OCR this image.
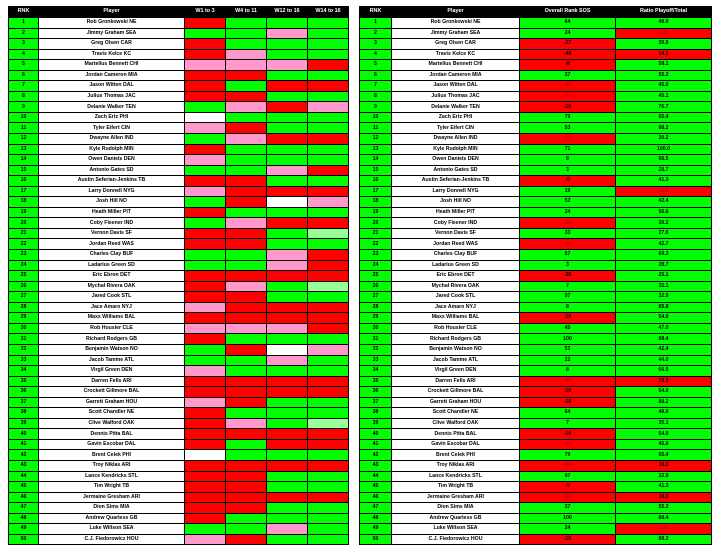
RNK	Player	W1 to 3	W4 to 11	W12 to 16	W14 to 16
1	Rob Gronkowski NE				
2	Jimmy Graham SEA				
3	Greg Olsen CAR				
4	Travis Kelce KC				
5	Martellus Bennett CHI				
6	Jordan Cameron MIA				
7	Jason Witten DAL				
8	Julius Thomas JAC				
9	Delanie Walker TEN				
10	Zach Ertz PHI				
11	Tyler Eifert CIN				
12	Dwayne Allen IND				
13	Kyle Rudolph MIN				
14	Owen Daniels DEN				
15	Antonio Gates SD				
16	Austin Seferian-Jenkins TB				
17	Larry Donnell NYG				
18	Josh Hill NO				
19	Heath Miller PIT				
20	Coby Fleener IND				
21	Vernon Davis SF				
22	Jordan Reed WAS				
23	Charles Clay BUF				
24	Ladarius Green SD				
25	Eric Ebron DET				
26	Mychal Rivera OAK				
27	Jared Cook STL				
28	Jace Amaro NYJ				
29	Maxx Williams BAL				
30	Rob Housler CLE				
31	Richard Rodgers GB				
32	Benjamin Watson NO				
33	Jacob Tamme ATL				
34	Virgil Green DEN				
35	Darren Fells ARI				
36	Crockett Gillmore BAL				
37	Garrett Graham HOU				
38	Scott Chandler NE				
39	Clive Walford OAK				
40	Dennis Pitta BAL				
41	Gavin Escobar DAL				
42	Brent Celek PHI				
43	Troy Niklas ARI				
44	Lance Kendricks STL				
45	Tim Wright TB				
46	Jermaine Gresham ARI				
47	Dion Sims MIA				
48	Andrew Quarless GB				
49	Luke Willson SEA				
50	C.J. Fiedorowicz HOU				
RNK	Player	Overall Rank SOS	Ratio Playoff/Total
1	Rob Gronkowski NE	64	48.0
2	Jimmy Graham SEA	24	5.9
3	Greg Olsen CAR	-27	30.0
4	Travis Kelce KC	-48	14.1
5	Martellus Bennett CHI	-8	58.1
6	Jordan Cameron MIA	37	55.2
7	Jason Witten DAL	-66	45.0
8	Julius Thomas JAC	-81	45.1
9	Delanie Walker TEN	-10	76.7
10	Zach Ertz PHI	79	55.4
11	Tyler Eifert CIN	53	98.2
12	Dwayne Allen IND	-56	30.2
13	Kyle Rudolph MIN	71	100.0
14	Owen Daniels DEN	8	66.5
15	Antonio Gates SD	3	28.7
16	Austin Seferian-Jenkins TB	-9	41.3
17	Larry Donnell NYG	19	10.6
18	Josh Hill NO	52	42.4
19	Heath Miller PIT	24	56.6
20	Coby Fleener IND	-56	30.2
21	Vernon Davis SF	33	27.6
22	Jordan Reed WAS	-48	42.7
23	Charles Clay BUF	57	69.3
24	Ladarius Green SD	3	28.7
25	Eric Ebron DET	-36	25.1
26	Mychal Rivera OAK	7	35.1
27	Jared Cook STL	97	32.9
28	Jace Amaro NYJ	8	85.8
29	Maxx Williams BAL	-10	54.0
30	Rob Housler CLE	45	47.0
31	Richard Rodgers GB	100	88.4
32	Benjamin Watson NO	52	42.4
33	Jacob Tamme ATL	22	44.0
34	Virgil Green DEN	8	66.5
35	Darren Fells ARI	-69	19.3
36	Crockett Gillmore BAL	-10	54.0
37	Garrett Graham HOU	-16	88.2
38	Scott Chandler NE	64	48.0
39	Clive Walford OAK	7	35.1
40	Dennis Pitta BAL	-10	54.0
41	Gavin Escobar DAL	-66	45.0
42	Brent Celek PHI	79	55.4
43	Troy Niklas ARI	-69	19.3
44	Lance Kendricks STL	97	32.9
45	Tim Wright TB	-9	41.3
46	Jermaine Gresham ARI	-69	19.3
47	Dion Sims MIA	37	55.2
48	Andrew Quarless GB	100	88.4
49	Luke Willson SEA	24	5.9
50	C.J. Fiedorowicz HOU	-16	88.2
